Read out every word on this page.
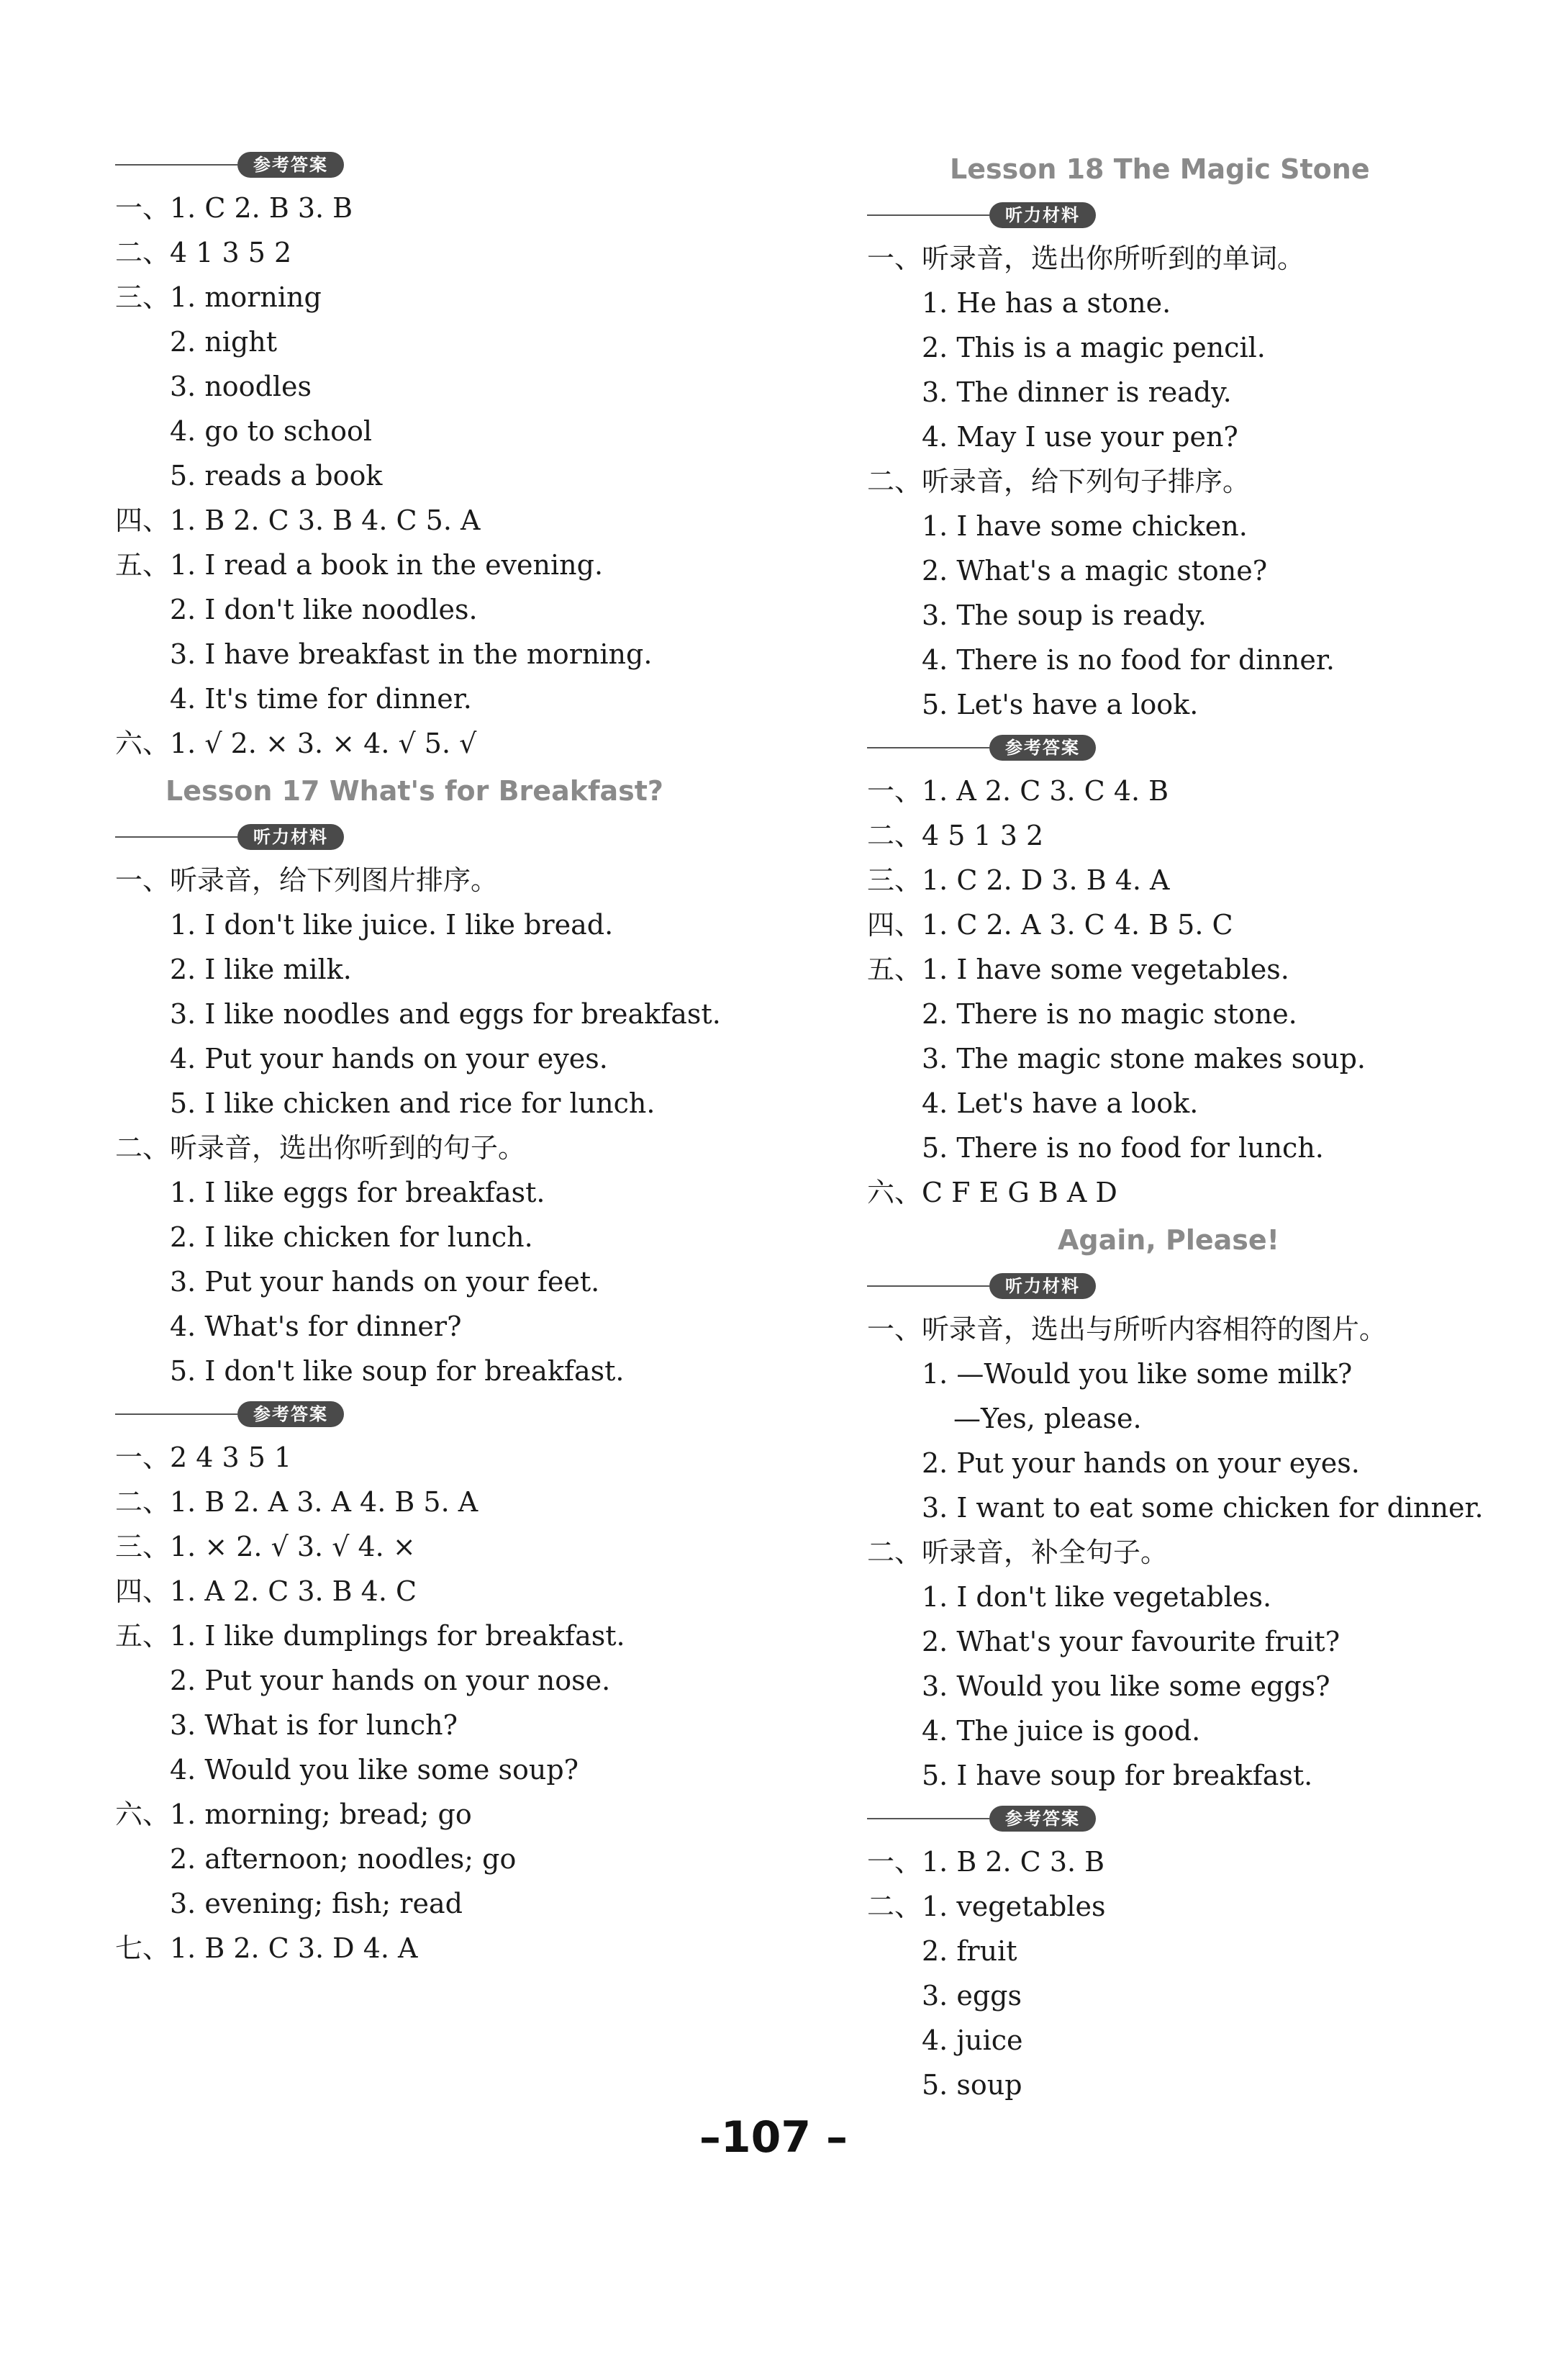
参考答案
一、1. C 2. B 3. B
二、4 1 3 5 2
三、1. morning
2. night
3. noodles
4. go to school
5. reads a book
四、1. B 2. C 3. B 4. C 5. A
五、1. I read a book in the evening.
2. I don't like noodles.
3. I have breakfast in the morning.
4. It's time for dinner.
六、1. √ 2. × 3. × 4. √ 5. √
Lesson 17 What's for Breakfast?
听力材料
一、听录音，给下列图片排序。
1. I don't like juice. I like bread.
2. I like milk.
3. I like noodles and eggs for breakfast.
4. Put your hands on your eyes.
5. I like chicken and rice for lunch.
二、听录音，选出你听到的句子。
1. I like eggs for breakfast.
2. I like chicken for lunch.
3. Put your hands on your feet.
4. What's for dinner?
5. I don't like soup for breakfast.
参考答案
一、2 4 3 5 1
二、1. B 2. A 3. A 4. B 5. A
三、1. × 2. √ 3. √ 4. ×
四、1. A 2. C 3. B 4. C
五、1. I like dumplings for breakfast.
2. Put your hands on your nose.
3. What is for lunch?
4. Would you like some soup?
六、1. morning; bread; go
2. afternoon; noodles; go
3. evening; fish; read
七、1. B 2. C 3. D 4. A
Lesson 18 The Magic Stone
听力材料
一、听录音，选出你所听到的单词。
1. He has a stone.
2. This is a magic pencil.
3. The dinner is ready.
4. May I use your pen?
二、听录音，给下列句子排序。
1. I have some chicken.
2. What's a magic stone?
3. The soup is ready.
4. There is no food for dinner.
5. Let's have a look.
参考答案
一、1. A 2. C 3. C 4. B
二、4 5 1 3 2
三、1. C 2. D 3. B 4. A
四、1. C 2. A 3. C 4. B 5. C
五、1. I have some vegetables.
2. There is no magic stone.
3. The magic stone makes soup.
4. Let's have a look.
5. There is no food for lunch.
六、C F E G B A D
Again, Please!
听力材料
一、听录音，选出与所听内容相符的图片。
1. —Would you like some milk?
—Yes, please.
2. Put your hands on your eyes.
3. I want to eat some chicken for dinner.
二、听录音，补全句子。
1. I don't like vegetables.
2. What's your favourite fruit?
3. Would you like some eggs?
4. The juice is good.
5. I have soup for breakfast.
参考答案
一、1. B 2. C 3. B
二、1. vegetables
2. fruit
3. eggs
4. juice
5. soup
–107 –
